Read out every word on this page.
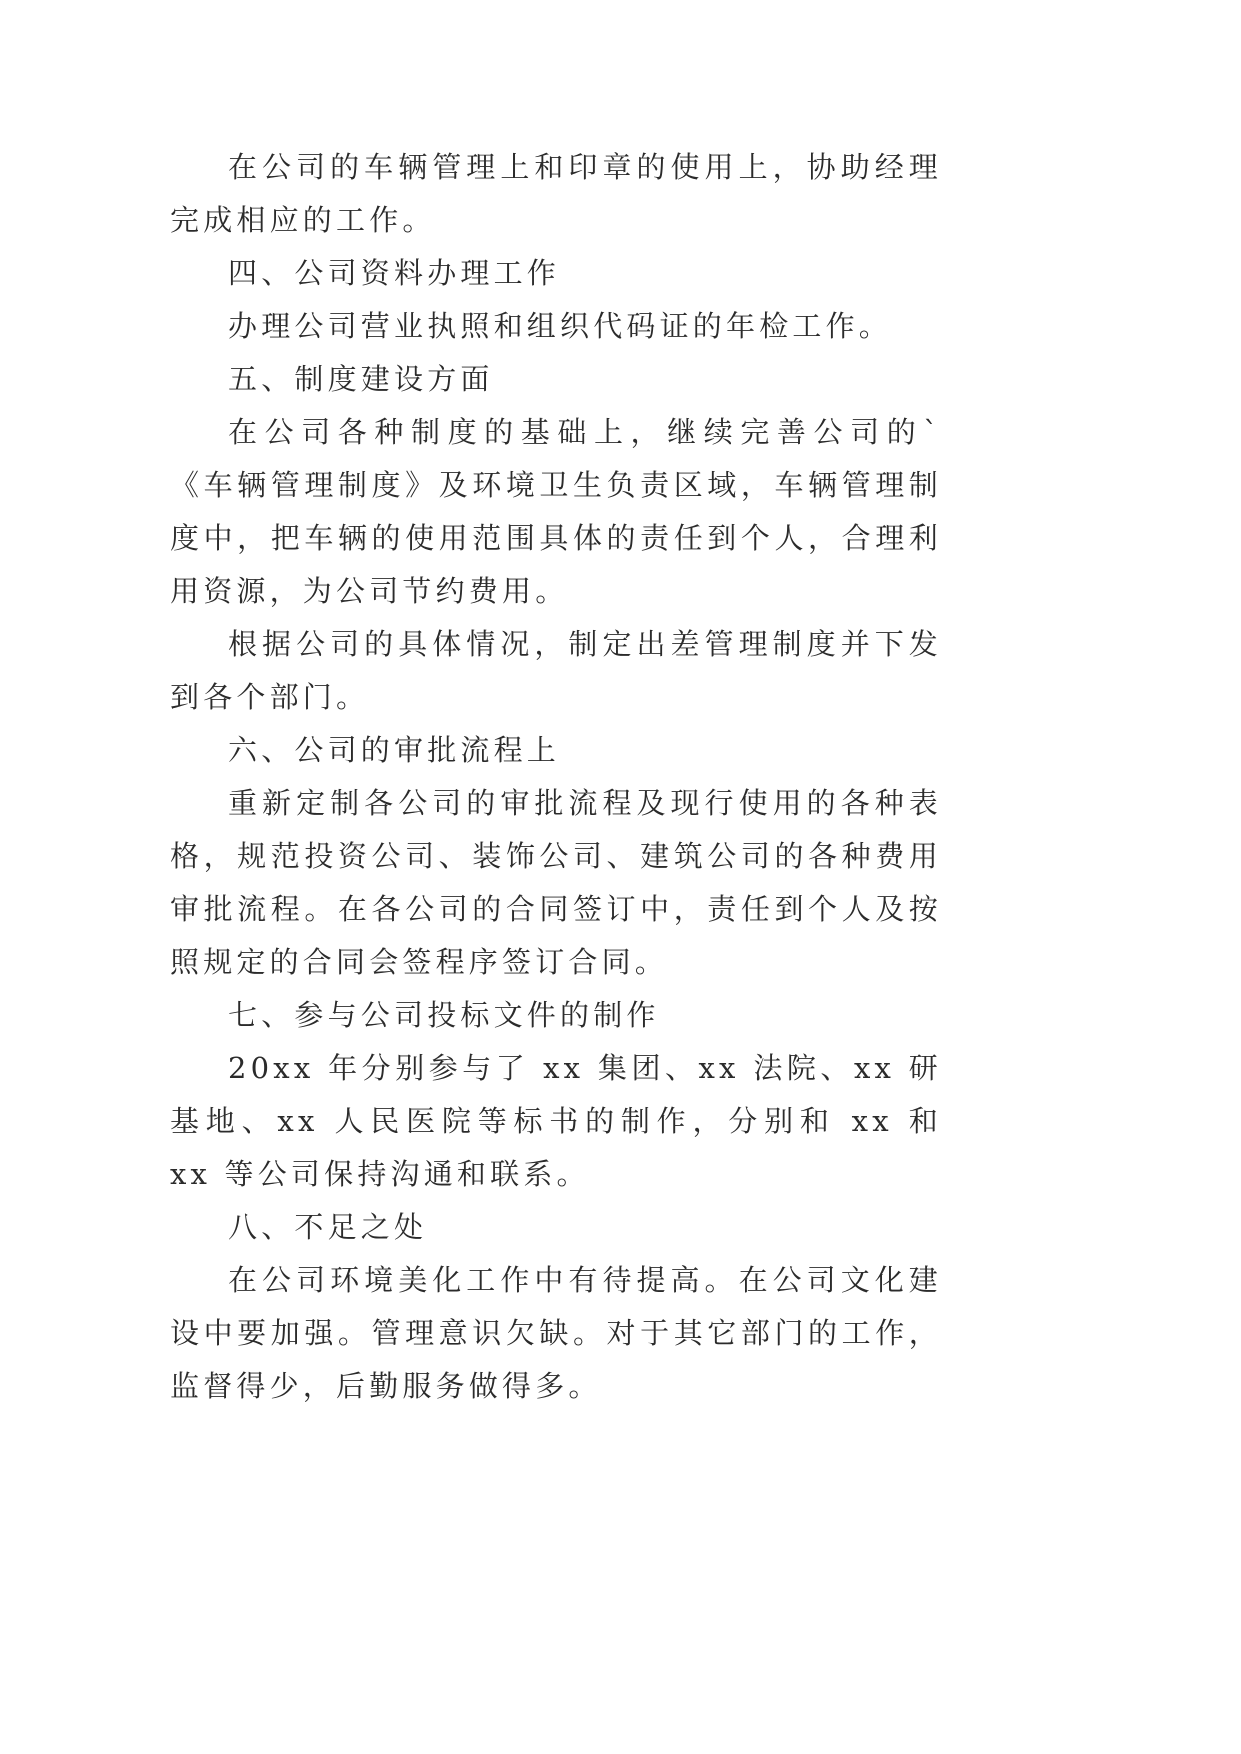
在公司的车辆管理上和印章的使用上，协助经理完成相应的工作。

四、公司资料办理工作

办理公司营业执照和组织代码证的年检工作。

五、制度建设方面

在公司各种制度的基础上，继续完善公司的`《车辆管理制度》及环境卫生负责区域，车辆管理制度中，把车辆的使用范围具体的责任到个人，合理利用资源，为公司节约费用。

根据公司的具体情况，制定出差管理制度并下发到各个部门。

六、公司的审批流程上

重新定制各公司的审批流程及现行使用的各种表格，规范投资公司、装饰公司、建筑公司的各种费用审批流程。在各公司的合同签订中，责任到个人及按照规定的合同会签程序签订合同。

七、参与公司投标文件的制作

20xx 年分别参与了 xx 集团、xx 法院、xx 研基地、xx 人民医院等标书的制作，分别和 xx 和 xx 等公司保持沟通和联系。

八、不足之处

在公司环境美化工作中有待提高。在公司文化建设中要加强。管理意识欠缺。对于其它部门的工作，监督得少，后勤服务做得多。
